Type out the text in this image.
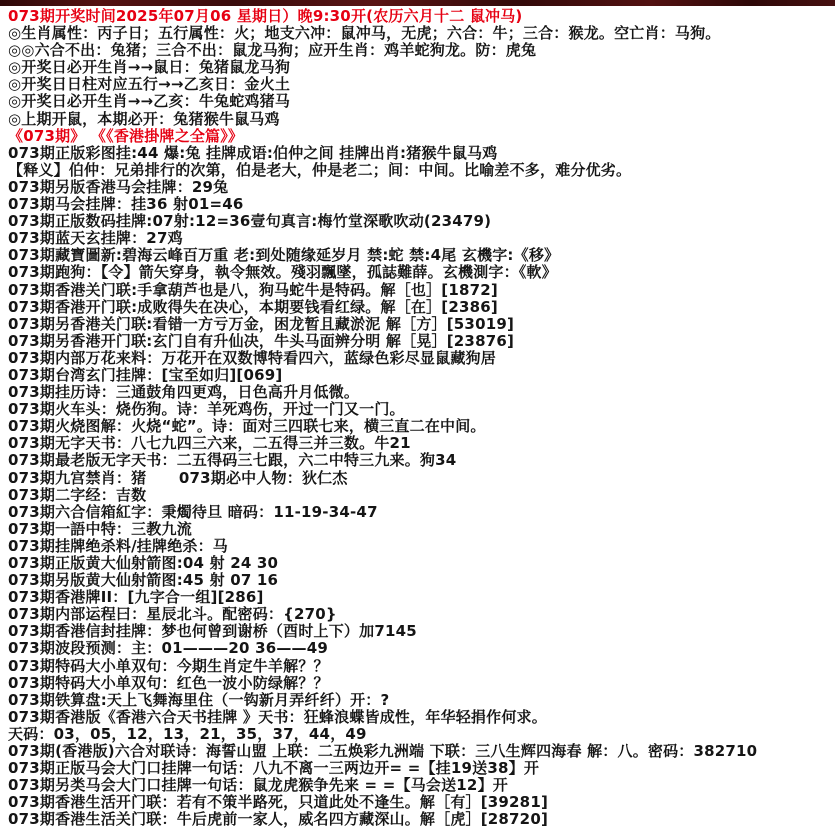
073期开奖时间2025年07月06 星期日）晚9:30开(农历六月十二 鼠冲马)
◎生肖属性：丙子日；五行属性：火；地支六冲：鼠冲马，无虎；六合：牛；三合：猴龙。空亡肖：马狗。
◎◎六合不出：兔猪；三合不出：鼠龙马狗；应开生肖：鸡羊蛇狗龙。防：虎兔
◎开奖日必开生肖→→鼠日：兔猪鼠龙马狗
◎开奖日日柱对应五行→→乙亥日：金火土
◎开奖日必开生肖→→乙亥：牛兔蛇鸡猪马
◎上期开鼠，本期必开：兔猪猴牛鼠马鸡
《073期》 《《香港掛牌之全篇》》
073期正版彩图挂:44 爆:兔 挂牌成语:伯仲之间 挂牌出肖:猪猴牛鼠马鸡
【释义】伯仲：兄弟排行的次第，伯是老大，仲是老二；间：中间。比喻差不多，难分优劣。
073期另版香港马会挂牌：29兔
073期马会挂牌：挂36 射01=46
073期正版数码挂牌:07射:12=36壹句真言:梅竹堂深歌吹动(23479)
073期蓝天玄挂牌：27鸡
073期藏寶圖新:碧海云峰百万重 老:到处随缘延岁月 禁:蛇 禁:4尾 玄機字:《移》
073期跑狗：【令】箭矢穿身，執令無效。殘羽飄墜，孤誌難薛。玄機測字：《軟》
073期香港关门联:手拿葫芦也是八，狗马蛇牛是特码。解［也］[1872]
073期香港开门联:成败得失在决心，本期要钱看红绿。解［在］[2386]
073期另香港关门联:看错一方亏万金，困龙暂且藏淤泥 解［方］[53019]
073期另香港开门联:玄门自有升仙决，牛头马面辨分明 解［晃］[23876]
073期内部万花来料：万花开在双数博特看四六，蓝绿色彩尽显鼠藏狗居
073期台湾玄门挂牌：[宝至如归][069]
073期挂历诗：三通鼓角四更鸡，日色高升月低微。
073期火车头：烧伤狗。诗：羊死鸡伤，开过一门又一门。
073期火烧图解：火烧“蛇”。诗：面对三四联七来，横三直二在中间。
073期无字天书：八七九四三六来，二五得三并三数。牛21
073期最老版无字天书：二五得码三七跟，六二中特三九来。狗34
073期九宫禁肖：猪      073期必中人物：狄仁杰
073期二字经：吉数
073期六合信箱紅字：秉燭待旦 暗码：11-19-34-47
073期一語中特：三教九流
073期挂牌绝杀料/挂牌绝杀：马
073期正版黄大仙射箭图:04 射 24 30
073期另版黄大仙射箭图:45 射 07 16
073期香港牌II：[九字合一组][286]
073期内部运程曰：星辰北斗。配密码：{270}
073期香港信封挂牌：梦也何曾到谢桥（酉时上下）加7145
073期波段预测：主：01———20 36——49
073期特码大小单双句：今期生肖定牛羊解？？
073期特码大小单双句：红色一波小防绿解？？
073期铁算盘:天上飞舞海里住（一钩新月弄纤纤）开：?
073期香港版《香港六合天书挂牌 》天书：狂蜂浪蝶皆成性，年华轻捐作何求。
天码：03，05，12，13，21，35，37，44，49
073期(香港版)六合对联诗：海誓山盟 上联：二五焕彩九洲端 下联：三八生辉四海春 解：八。密码：382710
073期正版马会大门口挂牌一句话：八九不离一三两边开= =【挂19送38】开
073期另类马会大门口挂牌一句话：鼠龙虎猴争先来 = =【马会送12】开
073期香港生活开门联：若有不策半路死，只道此处不逢生。解［有］[39281]
073期香港生活关门联：牛后虎前一家人，威名四方藏深山。解［虎］[28720]
